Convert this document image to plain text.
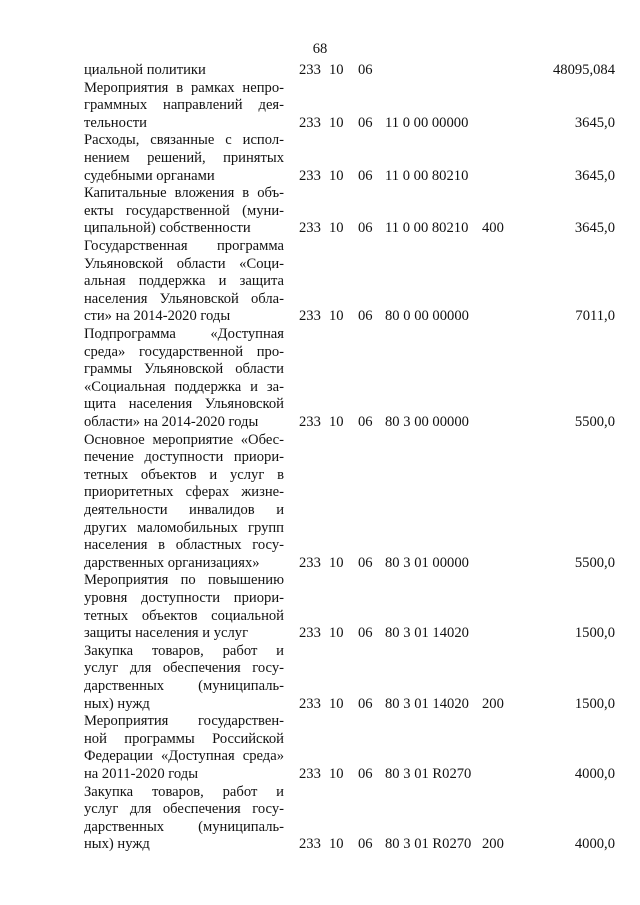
68
циальной политики	233 10 06	48095,084
Мероприятия в рамках непро-
граммных направлений дея-
тельности	233 10 06 11 0 00 00000	3645,0
Расходы, связанные с испол-
нением решений, принятых
судебными органами	233 10 06 11 0 00 80210	3645,0
Капитальные вложения в объ-
екты государственной (муни-
ципальной) собственности	233 10 06 11 0 00 80210 400	3645,0
Государственная программа
Ульяновской области «Соци-
альная поддержка и защита
населения Ульяновской обла-
сти» на 2014-2020 годы	233 10 06 80 0 00 00000	7011,0
Подпрограмма «Доступная
среда» государственной про-
граммы Ульяновской области
«Социальная поддержка и за-
щита населения Ульяновской
области» на 2014-2020 годы	233 10 06 80 3 00 00000	5500,0
Основное мероприятие «Обес-
печение доступности приори-
тетных объектов и услуг в
приоритетных сферах жизне-
деятельности инвалидов и
других маломобильных групп
населения в областных госу-
дарственных организациях»	233 10 06 80 3 01 00000	5500,0
Мероприятия по повышению
уровня доступности приори-
тетных объектов социальной
защиты населения и услуг	233 10 06 80 3 01 14020	1500,0
Закупка товаров, работ и
услуг для обеспечения госу-
дарственных (муниципаль-
ных) нужд	233 10 06 80 3 01 14020 200	1500,0
Мероприятия государствен-
ной программы Российской
Федерации «Доступная среда»
на 2011-2020 годы	233 10 06 80 3 01 R0270	4000,0
Закупка товаров, работ и
услуг для обеспечения госу-
дарственных (муниципаль-
ных) нужд	233 10 06 80 3 01 R0270 200	4000,0
